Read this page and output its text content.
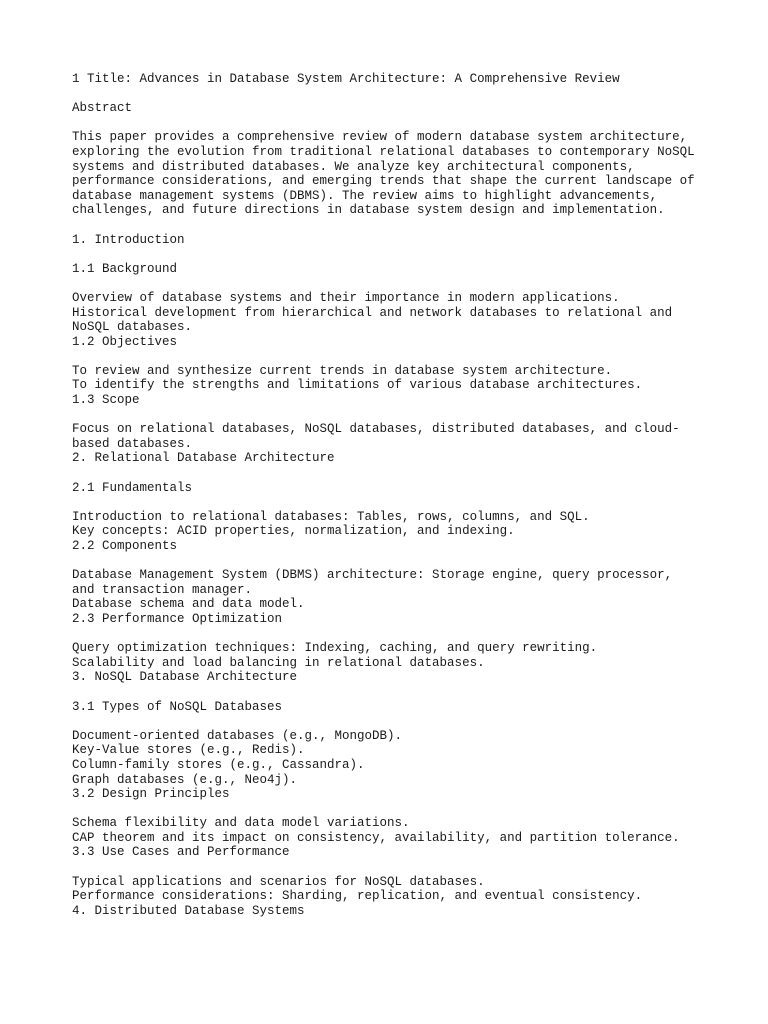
1 Title: Advances in Database System Architecture: A Comprehensive Review
Abstract
This paper provides a comprehensive review of modern database system architecture,
exploring the evolution from traditional relational databases to contemporary NoSQL
systems and distributed databases. We analyze key architectural components,
performance considerations, and emerging trends that shape the current landscape of
database management systems (DBMS). The review aims to highlight advancements,
challenges, and future directions in database system design and implementation.
1. Introduction
1.1 Background
Overview of database systems and their importance in modern applications.
Historical development from hierarchical and network databases to relational and
NoSQL databases.
1.2 Objectives
To review and synthesize current trends in database system architecture.
To identify the strengths and limitations of various database architectures.
1.3 Scope
Focus on relational databases, NoSQL databases, distributed databases, and cloud-
based databases.
2. Relational Database Architecture
2.1 Fundamentals
Introduction to relational databases: Tables, rows, columns, and SQL.
Key concepts: ACID properties, normalization, and indexing.
2.2 Components
Database Management System (DBMS) architecture: Storage engine, query processor,
and transaction manager.
Database schema and data model.
2.3 Performance Optimization
Query optimization techniques: Indexing, caching, and query rewriting.
Scalability and load balancing in relational databases.
3. NoSQL Database Architecture
3.1 Types of NoSQL Databases
Document-oriented databases (e.g., MongoDB).
Key-Value stores (e.g., Redis).
Column-family stores (e.g., Cassandra).
Graph databases (e.g., Neo4j).
3.2 Design Principles
Schema flexibility and data model variations.
CAP theorem and its impact on consistency, availability, and partition tolerance.
3.3 Use Cases and Performance
Typical applications and scenarios for NoSQL databases.
Performance considerations: Sharding, replication, and eventual consistency.
4. Distributed Database Systems
